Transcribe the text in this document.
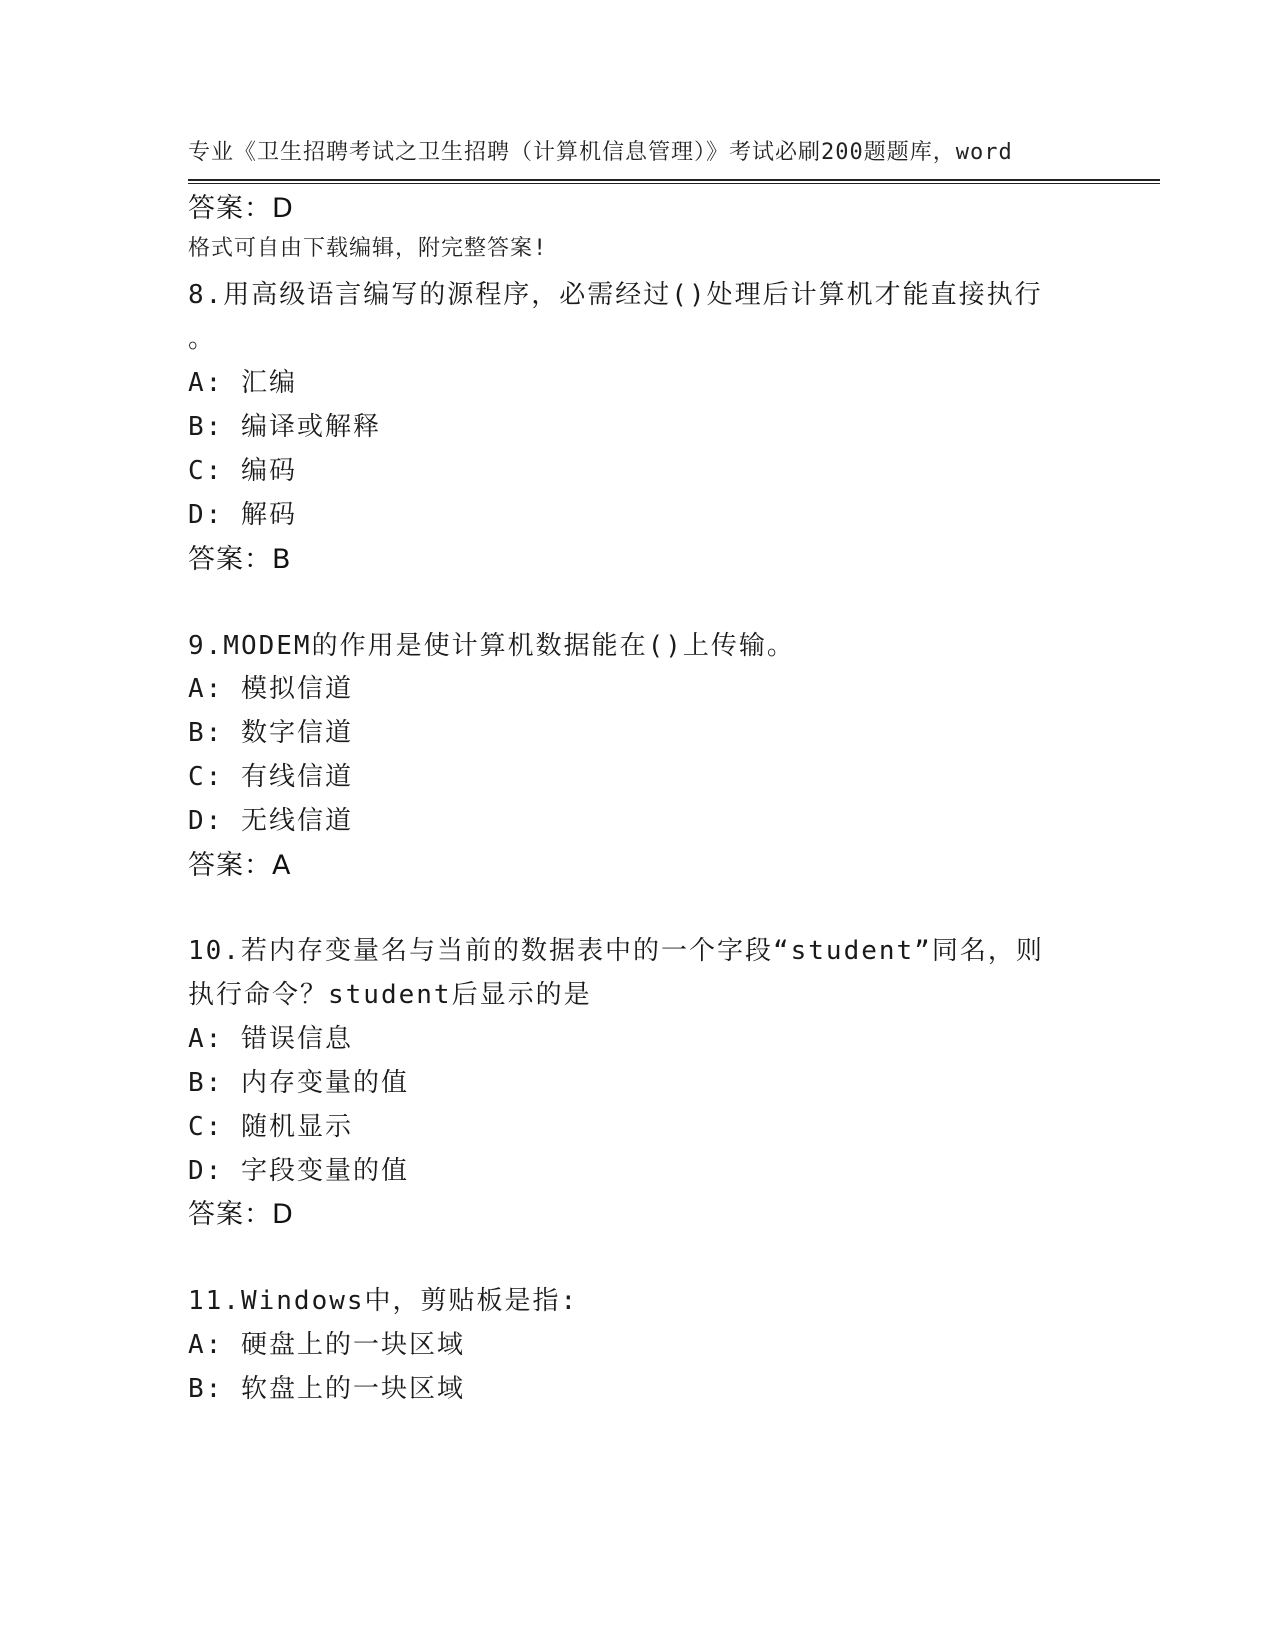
专业《卫生招聘考试之卫生招聘（计算机信息管理）》考试必刷200题题库，word

格式可自由下载编辑，附完整答案!

答案：D
8.用高级语言编写的源程序，必需经过()处理后计算机才能直接执行
。
A: 汇编
B: 编译或解释
C: 编码
D: 解码
答案：B
9.MODEM的作用是使计算机数据能在()上传输。
A: 模拟信道
B: 数字信道
C: 有线信道
D: 无线信道
答案：A
10.若内存变量名与当前的数据表中的一个字段“student”同名，则
执行命令？student后显示的是
A: 错误信息
B: 内存变量的值
C: 随机显示
D: 字段变量的值
答案：D
11.Windows中，剪贴板是指:
A: 硬盘上的一块区域
B: 软盘上的一块区域
